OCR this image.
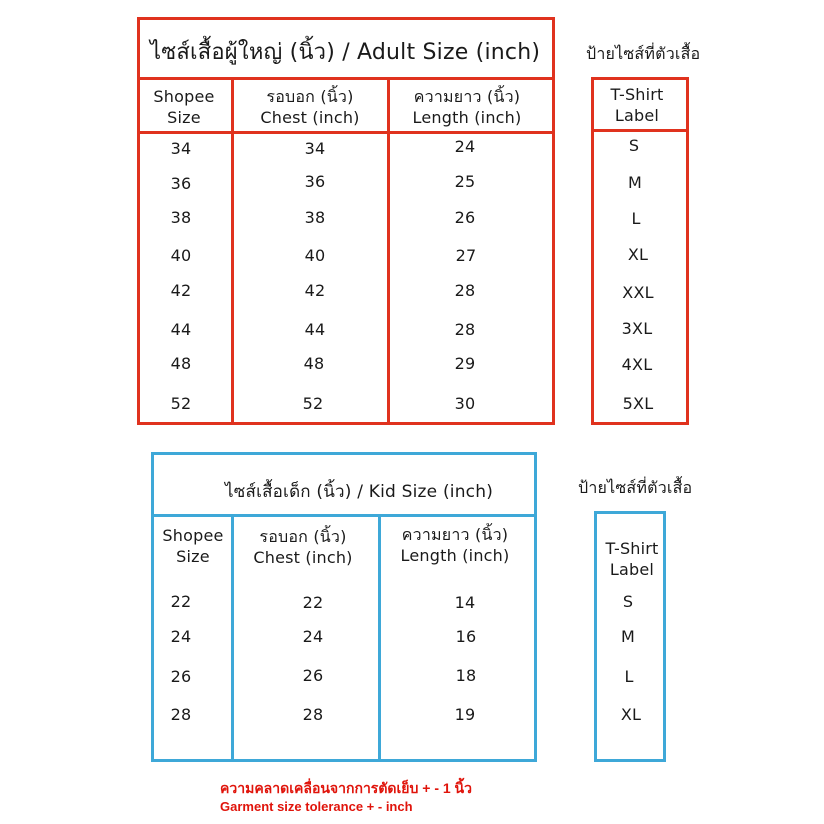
ไซส์เสื้อผู้ใหญ่ (นิ้ว) / Adult Size (inch)
Shopee
Size
รอบอก (นิ้ว)
Chest (inch)
ความยาว (นิ้ว)
Length (inch)
34	34	24
36	36	25
38	38	26
40	40	27
42	42	28
44	44	28
48	48	29
52	52	30
ป้ายไซส์ที่ตัวเสื้อ
T-Shirt
Label
S
M
L
XL
XXL
3XL
4XL
5XL
ไซส์เสื้อเด็ก (นิ้ว) / Kid Size (inch)
Shopee
Size
รอบอก (นิ้ว)
Chest (inch)
ความยาว (นิ้ว)
Length (inch)
22	22	14
24	24	16
26	26	18
28	28	19
ป้ายไซส์ที่ตัวเสื้อ
T-Shirt
Label
S
M
L
XL
ความคลาดเคลื่อนจากการตัดเย็บ + - 1 นิ้ว
Garment size tolerance + - inch
